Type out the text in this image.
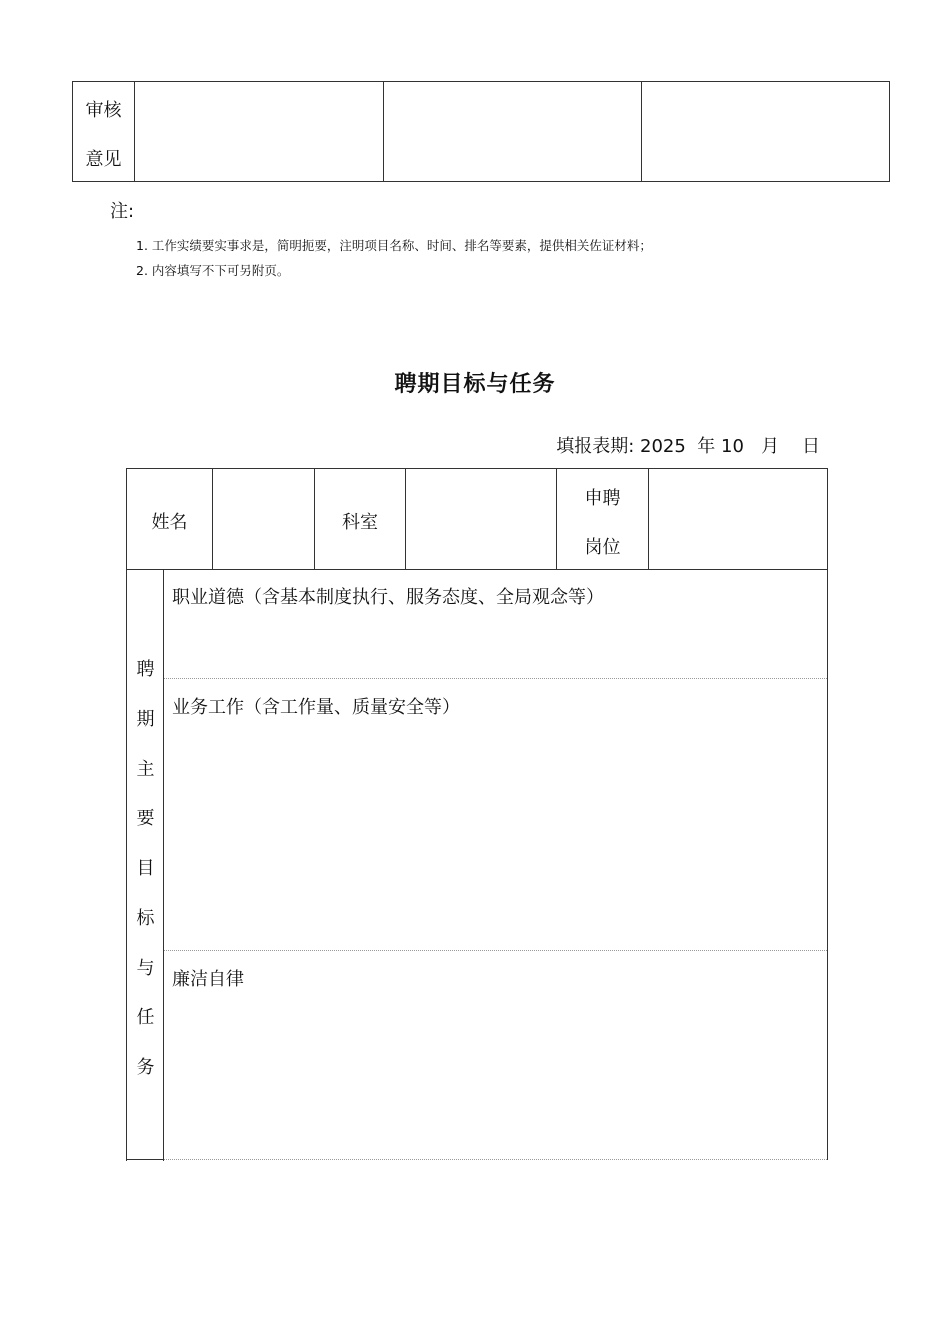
审核
意见
注:
1. 工作实绩要实事求是，简明扼要，注明项目名称、时间、排名等要素，提供相关佐证材料；
2. 内容填写不下可另附页。
聘期目标与任务
填报表期: 2025 年 10 月 日
姓名	科室
申聘
岗位
聘
期
主
要
目
标
与
任
务
职业道德（含基本制度执行、服务态度、全局观念等）
业务工作（含工作量、质量安全等）
廉洁自律
